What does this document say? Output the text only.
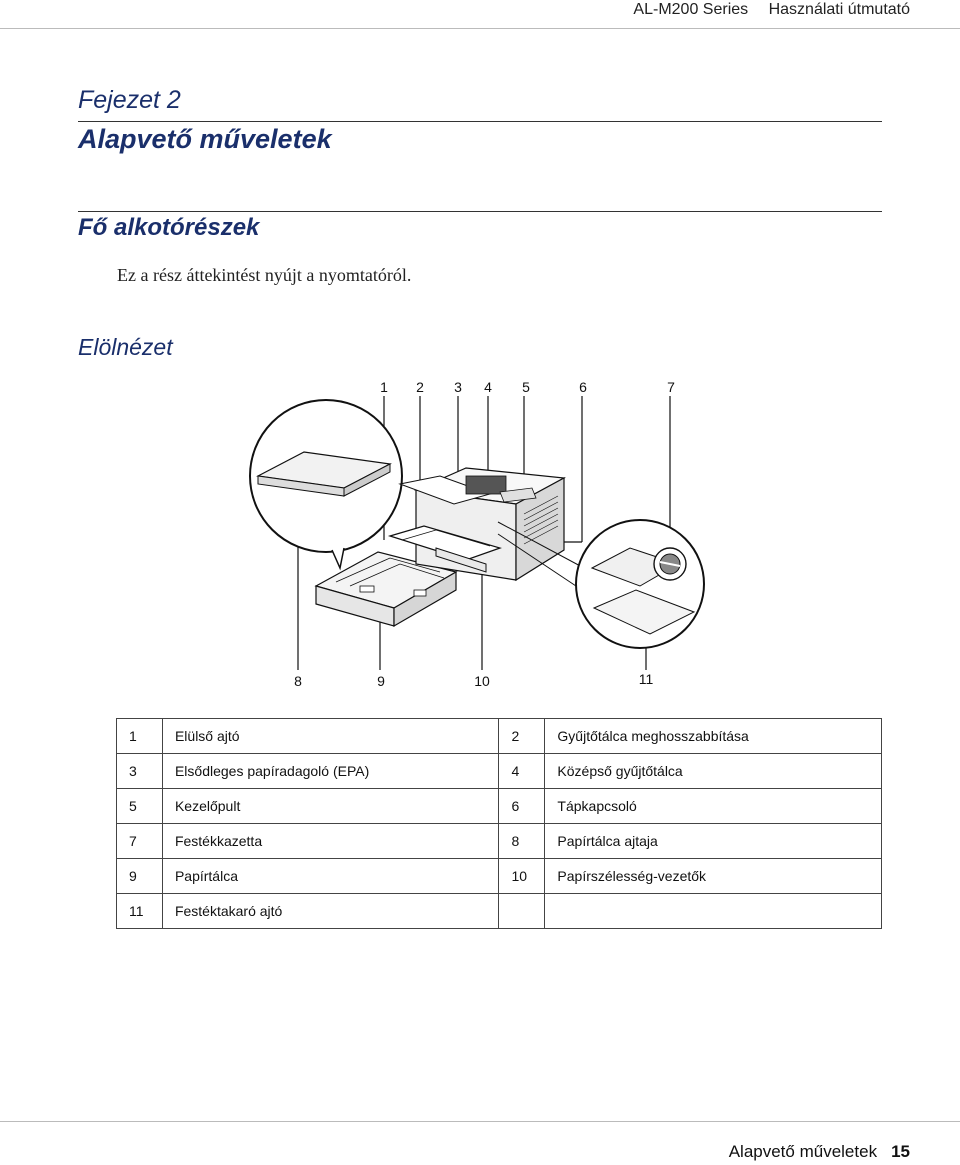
AL-M200 Series Használati útmutató
Fejezet 2
Alapvető műveletek
Fő alkotórészek
Ez a rész áttekintést nyújt a nyomtatóról.
Elölnézet
1 2 3 4 5	6	7
8	9	10	11
1	Elülső ajtó	2	Gyűjtőtálca meghosszabbítása
3	Elsődleges papíradagoló (EPA)	4	Középső gyűjtőtálca
5	Kezelőpult	6	Tápkapcsoló
7	Festékkazetta	8	Papírtálca ajtaja
9	Papírtálca	10	Papírszélesség-vezetők
11	Festéktakaró ajtó		
Alapvető műveletek 15
